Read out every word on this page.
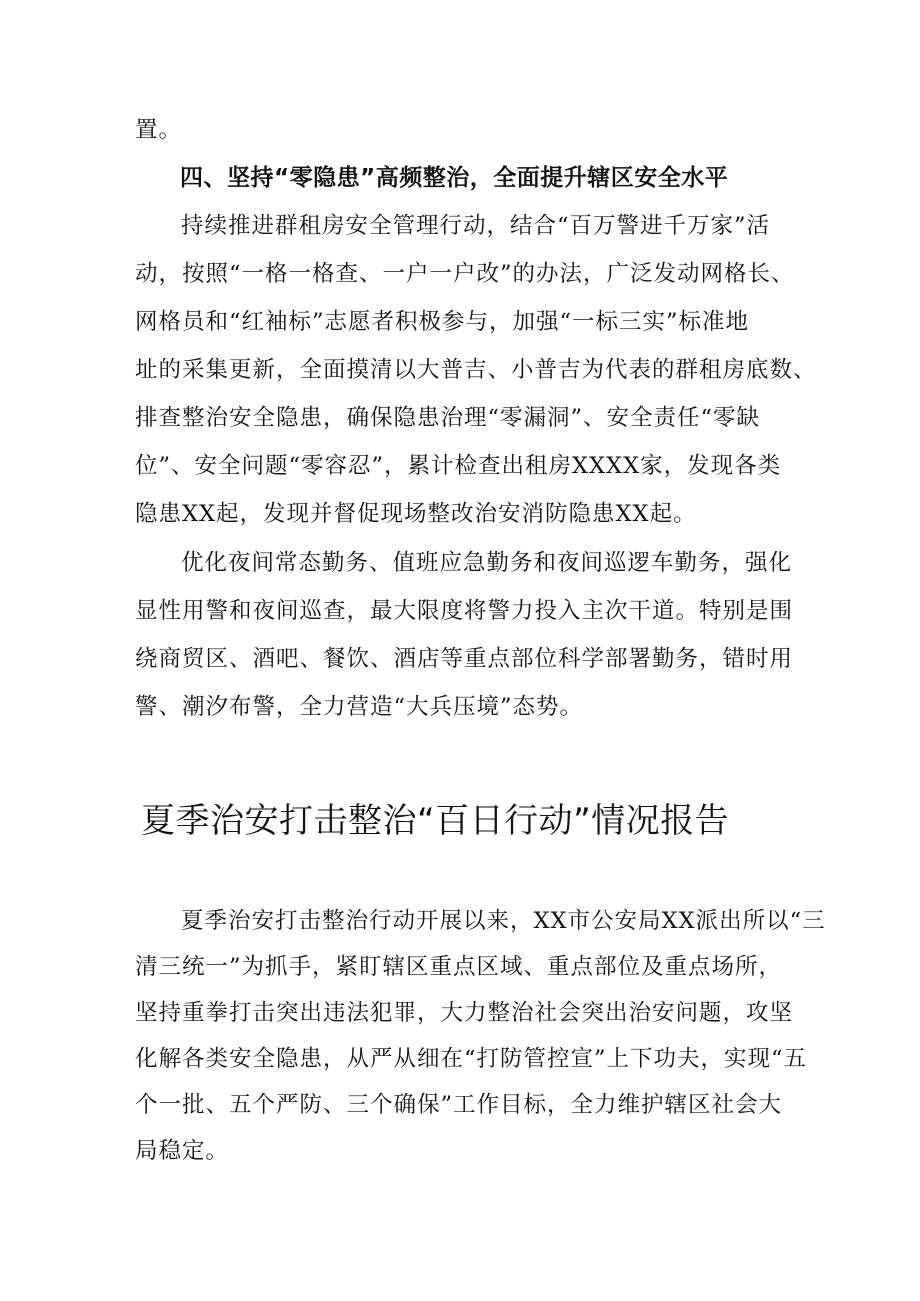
置。

四、坚持“零隐患”高频整治，全面提升辖区安全水平

持续推进群租房安全管理行动，结合“百万警进千万家”活

动，按照“一格一格查、一户一户改”的办法，广泛发动网格长、

网格员和“红袖标”志愿者积极参与，加强“一标三实”标准地

址的采集更新，全面摸清以大普吉、小普吉为代表的群租房底数、

排查整治安全隐患，确保隐患治理“零漏洞”、安全责任“零缺

位”、安全问题“零容忍”，累计检查出租房XXXX家，发现各类

隐患XX起，发现并督促现场整改治安消防隐患XX起。

优化夜间常态勤务、值班应急勤务和夜间巡逻车勤务，强化

显性用警和夜间巡查，最大限度将警力投入主次干道。特别是围

绕商贸区、酒吧、餐饮、酒店等重点部位科学部署勤务，错时用

警、潮汐布警，全力营造“大兵压境”态势。

夏季治安打击整治“百日行动”情况报告

夏季治安打击整治行动开展以来，XX市公安局XX派出所以“三

清三统一”为抓手，紧盯辖区重点区域、重点部位及重点场所，

坚持重拳打击突出违法犯罪，大力整治社会突出治安问题，攻坚

化解各类安全隐患，从严从细在“打防管控宣”上下功夫，实现“五

个一批、五个严防、三个确保”工作目标，全力维护辖区社会大

局稳定。
